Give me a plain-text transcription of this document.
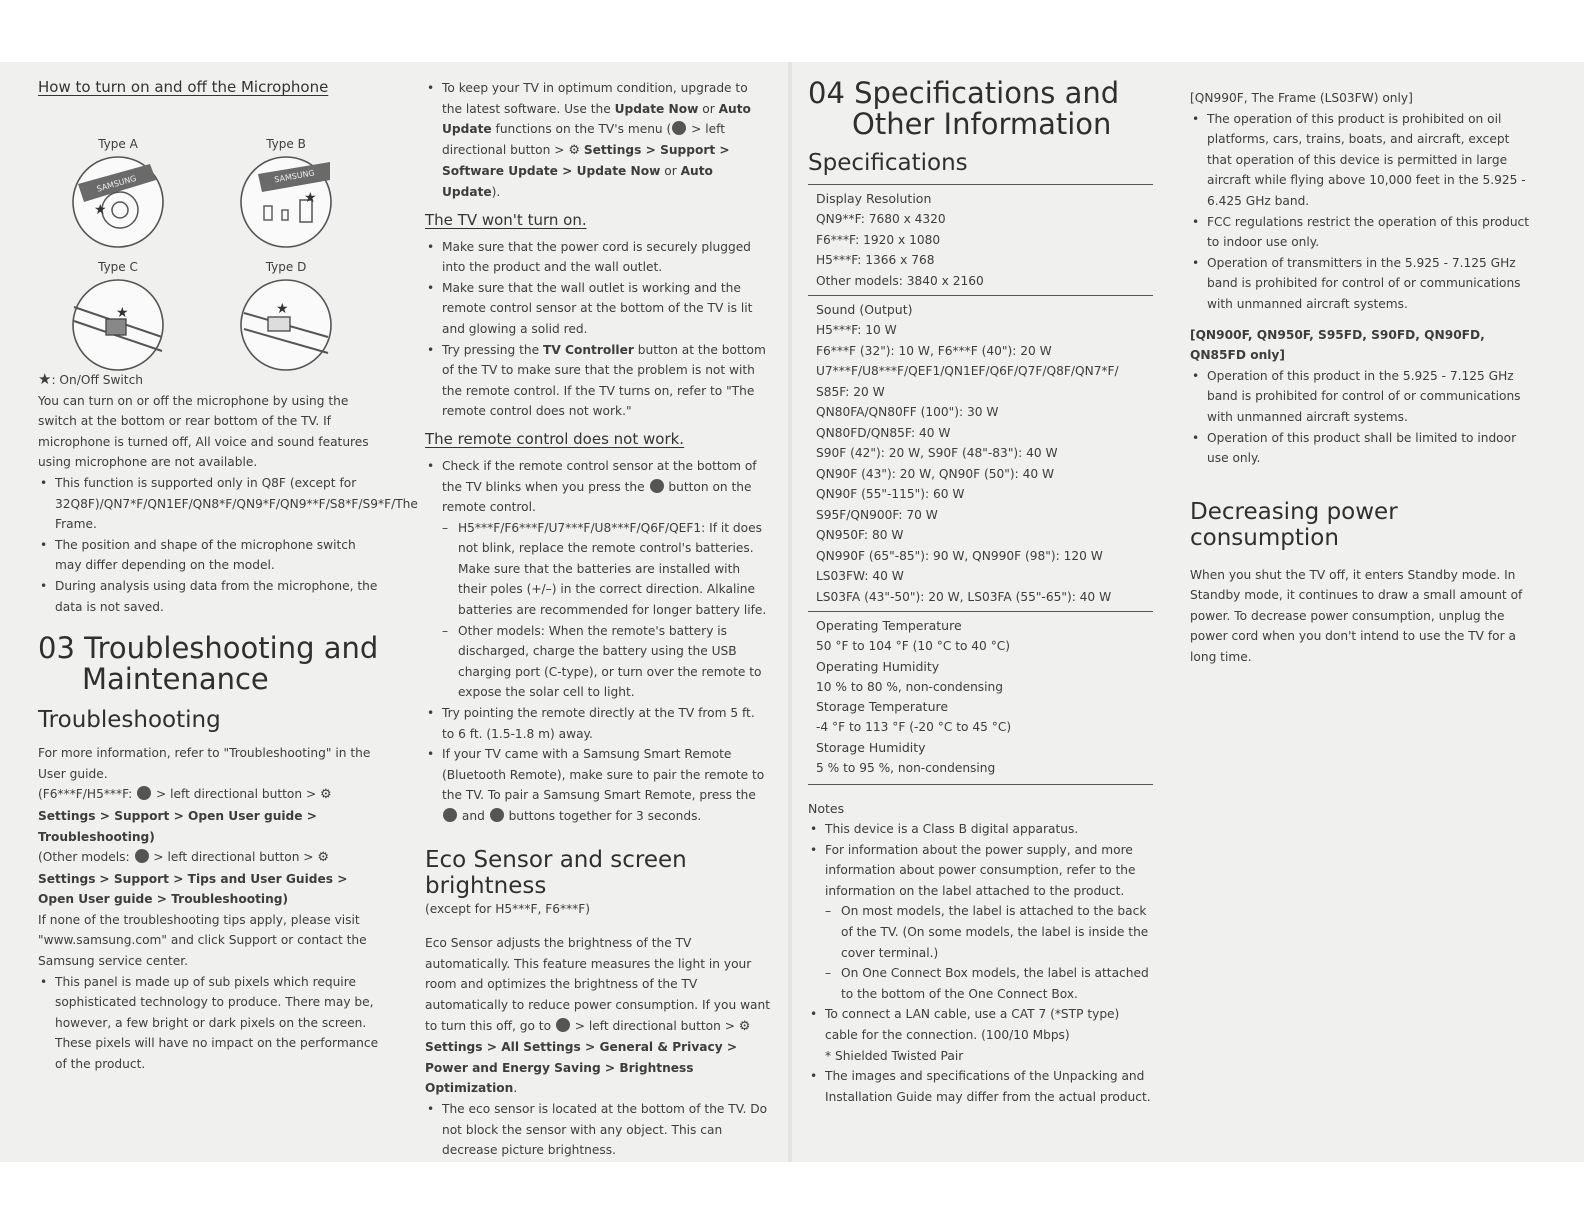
How to turn on and off the Microphone
Type A
SAMSUNG
★
Type B
SAMSUNG
★
Type C
★
Type D
★

★: On/Off Switch

You can turn on or off the microphone by using the switch at the bottom or rear bottom of the TV. If microphone is turned off, All voice and sound features using microphone are not available.

• This function is supported only in Q8F (except for 32Q8F)/QN7*F/QN1EF/QN8*F/QN9*F/QN9**F/S8*F/S9*F/The Frame.
• The position and shape of the microphone switch may differ depending on the model.
• During analysis using data from the microphone, the data is not saved.
03 Troubleshooting and
Maintenance
Troubleshooting

For more information, refer to "Troubleshooting" in the User guide.

(F6***F/H5***F: > left directional button > ⚙ Settings > Support > Open User guide > Troubleshooting)

(Other models: > left directional button > ⚙ Settings > Support > Tips and User Guides > Open User guide > Troubleshooting)

If none of the troubleshooting tips apply, please visit "www.samsung.com" and click Support or contact the Samsung service center.

• This panel is made up of sub pixels which require sophisticated technology to produce. There may be, however, a few bright or dark pixels on the screen. These pixels will have no impact on the performance of the product.
• To keep your TV in optimum condition, upgrade to the latest software. Use the Update Now or Auto Update functions on the TV's menu ( > left directional button > ⚙ Settings > Support > Software Update > Update Now or Auto Update).
The TV won't turn on.
• Make sure that the power cord is securely plugged into the product and the wall outlet.
• Make sure that the wall outlet is working and the remote control sensor at the bottom of the TV is lit and glowing a solid red.
• Try pressing the TV Controller button at the bottom of the TV to make sure that the problem is not with the remote control. If the TV turns on, refer to "The remote control does not work."
The remote control does not work.
• Check if the remote control sensor at the bottom of the TV blinks when you press the button on the remote control.
– H5***F/F6***F/U7***F/U8***F/Q6F/QEF1: If it does not blink, replace the remote control's batteries. Make sure that the batteries are installed with their poles (+/–) in the correct direction. Alkaline batteries are recommended for longer battery life.
– Other models: When the remote's battery is discharged, charge the battery using the USB charging port (C-type), or turn over the remote to expose the solar cell to light.
• Try pointing the remote directly at the TV from 5 ft. to 6 ft. (1.5-1.8 m) away.
• If your TV came with a Samsung Smart Remote (Bluetooth Remote), make sure to pair the remote to the TV. To pair a Samsung Smart Remote, press the  and buttons together for 3 seconds.
Eco Sensor and screen
brightness

(except for H5***F, F6***F)

Eco Sensor adjusts the brightness of the TV automatically. This feature measures the light in your room and optimizes the brightness of the TV automatically to reduce power consumption. If you want to turn this off, go to > left directional button > ⚙ Settings > All Settings > General & Privacy > Power and Energy Saving > Brightness Optimization.

• The eco sensor is located at the bottom of the TV. Do not block the sensor with any object. This can decrease picture brightness.
04 Specifications and
Other Information
Specifications
Display Resolution

QN9**F: 7680 x 4320

F6***F: 1920 x 1080

H5***F: 1366 x 768

Other models: 3840 x 2160

Sound (Output)

H5***F: 10 W

F6***F (32"): 10 W, F6***F (40"): 20 W

U7***F/U8***F/QEF1/QN1EF/Q6F/Q7F/Q8F/QN7*F/

S85F: 20 W

QN80FA/QN80FF (100"): 30 W

QN80FD/QN85F: 40 W

S90F (42"): 20 W, S90F (48"-83"): 40 W

QN90F (43"): 20 W, QN90F (50"): 40 W

QN90F (55"-115"): 60 W

S95F/QN900F: 70 W

QN950F: 80 W

QN990F (65"-85"): 90 W, QN990F (98"): 120 W

LS03FW: 40 W

LS03FA (43"-50"): 20 W, LS03FA (55"-65"): 40 W

Operating Temperature

50 °F to 104 °F (10 °C to 40 °C)

Operating Humidity

10 % to 80 %, non-condensing

Storage Temperature

-4 °F to 113 °F (-20 °C to 45 °C)

Storage Humidity

5 % to 95 %, non-condensing

Notes
• This device is a Class B digital apparatus.
• For information about the power supply, and more information about power consumption, refer to the information on the label attached to the product.
– On most models, the label is attached to the back of the TV. (On some models, the label is inside the cover terminal.)
– On One Connect Box models, the label is attached to the bottom of the One Connect Box.
• To connect a LAN cable, use a CAT 7 (*STP type) cable for the connection. (100/10 Mbps)
* Shielded Twisted Pair
• The images and specifications of the Unpacking and Installation Guide may differ from the actual product.

[QN990F, The Frame (LS03FW) only]

• The operation of this product is prohibited on oil platforms, cars, trains, boats, and aircraft, except that operation of this device is permitted in large aircraft while flying above 10,000 feet in the 5.925 - 6.425 GHz band.
• FCC regulations restrict the operation of this product to indoor use only.
• Operation of transmitters in the 5.925 - 7.125 GHz band is prohibited for control of or communications with unmanned aircraft systems.

[QN900F, QN950F, S95FD, S90FD, QN90FD, QN85FD only]

• Operation of this product in the 5.925 - 7.125 GHz band is prohibited for control of or communications with unmanned aircraft systems.
• Operation of this product shall be limited to indoor use only.
Decreasing power
consumption

When you shut the TV off, it enters Standby mode. In Standby mode, it continues to draw a small amount of power. To decrease power consumption, unplug the power cord when you don't intend to use the TV for a long time.
